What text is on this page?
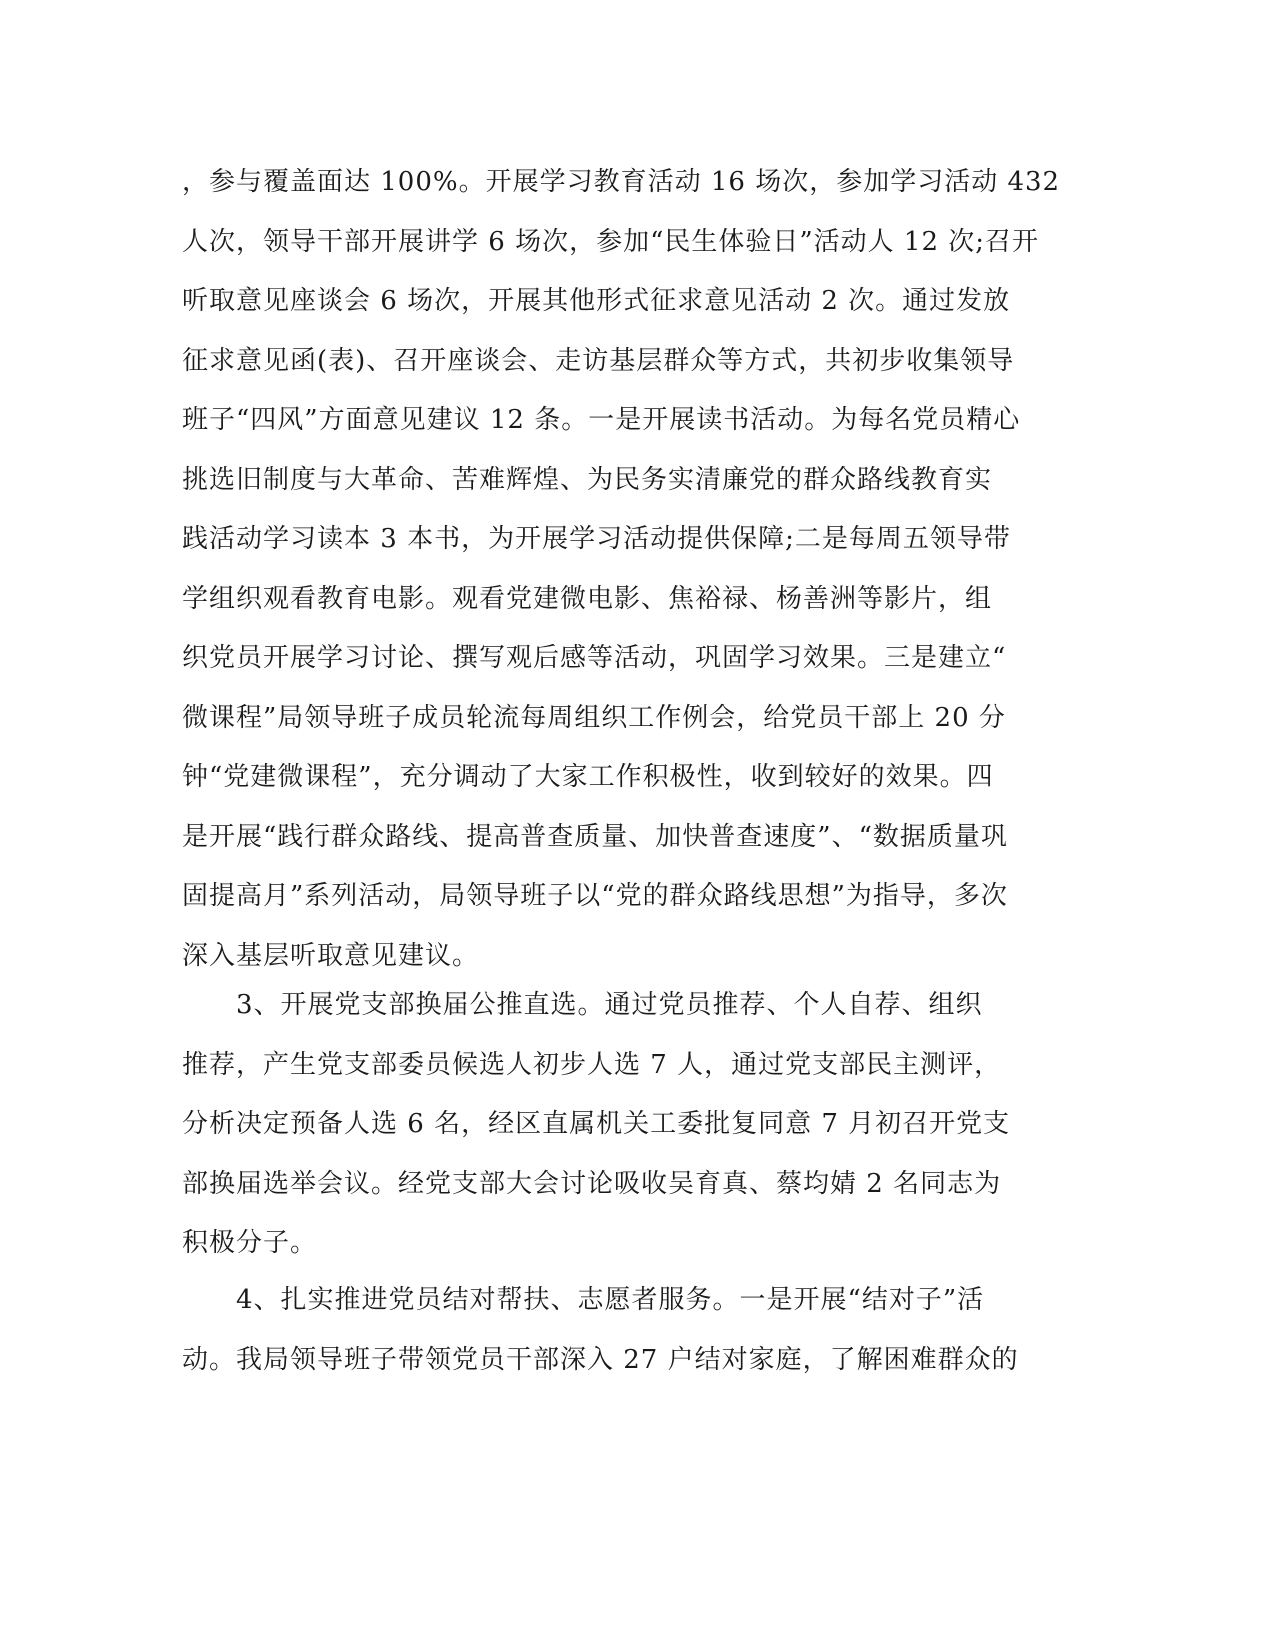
，参与覆盖面达 100%。开展学习教育活动 16 场次，参加学习活动 432
人次，领导干部开展讲学 6 场次，参加“民生体验日”活动人 12 次;召开
听取意见座谈会 6 场次，开展其他形式征求意见活动 2 次。通过发放
征求意见函(表)、召开座谈会、走访基层群众等方式，共初步收集领导
班子“四风”方面意见建议 12 条。一是开展读书活动。为每名党员精心
挑选旧制度与大革命、苦难辉煌、为民务实清廉党的群众路线教育实
践活动学习读本 3 本书，为开展学习活动提供保障;二是每周五领导带
学组织观看教育电影。观看党建微电影、焦裕禄、杨善洲等影片，组
织党员开展学习讨论、撰写观后感等活动，巩固学习效果。三是建立“
微课程”局领导班子成员轮流每周组织工作例会，给党员干部上 20 分
钟“党建微课程”，充分调动了大家工作积极性，收到较好的效果。四
是开展“践行群众路线、提高普查质量、加快普查速度”、“数据质量巩
固提高月”系列活动，局领导班子以“党的群众路线思想”为指导，多次
深入基层听取意见建议。
　　3、开展党支部换届公推直选。通过党员推荐、个人自荐、组织
推荐，产生党支部委员候选人初步人选 7 人，通过党支部民主测评，
分析决定预备人选 6 名，经区直属机关工委批复同意 7 月初召开党支
部换届选举会议。经党支部大会讨论吸收吴育真、蔡均婧 2 名同志为
积极分子。
　　4、扎实推进党员结对帮扶、志愿者服务。一是开展“结对子”活
动。我局领导班子带领党员干部深入 27 户结对家庭，了解困难群众的
